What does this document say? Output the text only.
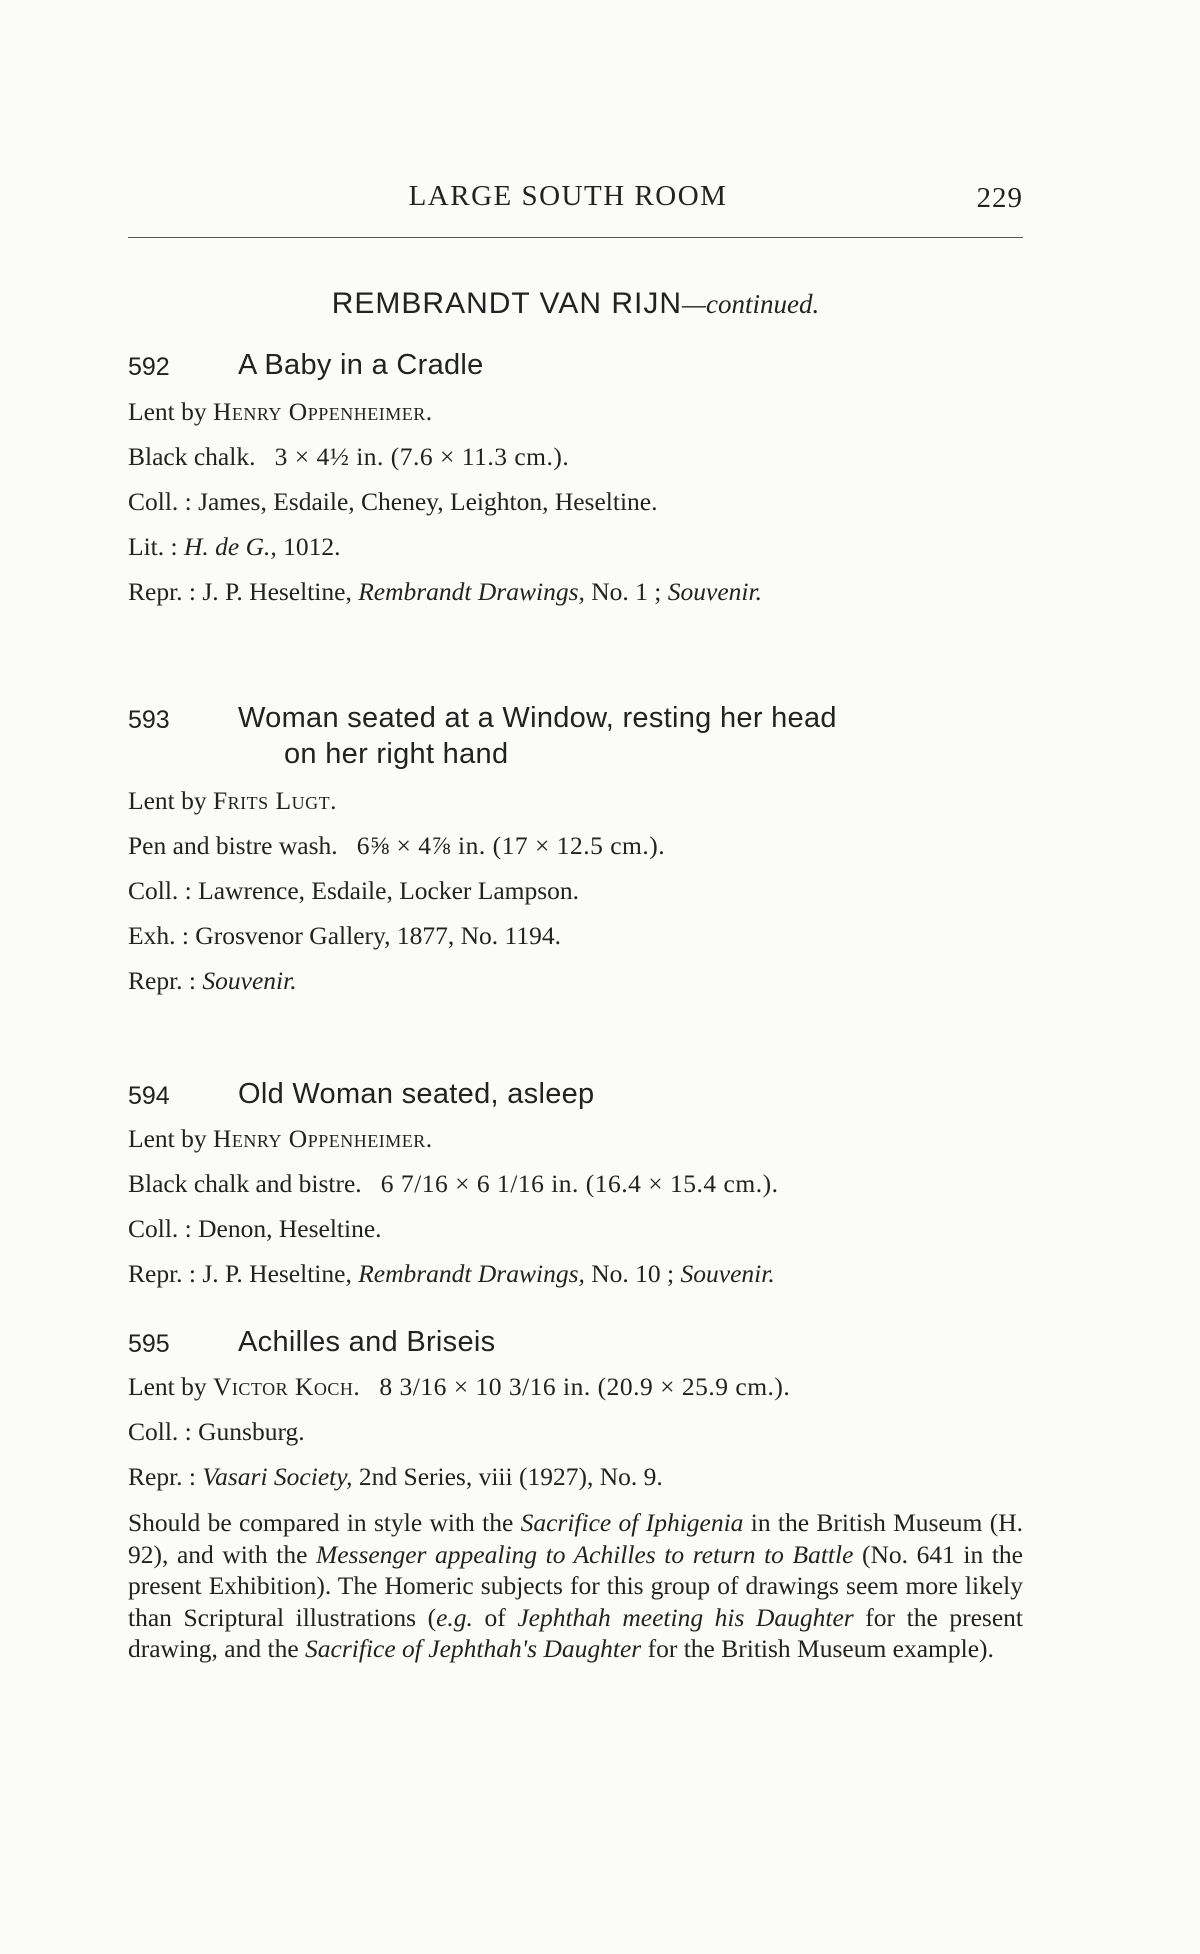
LARGE SOUTH ROOM	229
REMBRANDT VAN RIJN—continued.
592 A Baby in a Cradle
Lent by Henry Oppenheimer.
Black chalk. 3 × 4½ in. (7.6 × 11.3 cm.).
Coll. : James, Esdaile, Cheney, Leighton, Heseltine.
Lit. : H. de G., 1012.
Repr. : J. P. Heseltine, Rembrandt Drawings, No. 1 ; Souvenir.
593 Woman seated at a Window, resting her head
on her right hand
Lent by Frits Lugt.
Pen and bistre wash. 6⅝ × 4⅞ in. (17 × 12.5 cm.).
Coll. : Lawrence, Esdaile, Locker Lampson.
Exh. : Grosvenor Gallery, 1877, No. 1194.
Repr. : Souvenir.
594 Old Woman seated, asleep
Lent by Henry Oppenheimer.
Black chalk and bistre. 6 7/16 × 6 1/16 in. (16.4 × 15.4 cm.).
Coll. : Denon, Heseltine.
Repr. : J. P. Heseltine, Rembrandt Drawings, No. 10 ; Souvenir.
595 Achilles and Briseis
Lent by Victor Koch. 8 3/16 × 10 3/16 in. (20.9 × 25.9 cm.).
Coll. : Gunsburg.
Repr. : Vasari Society, 2nd Series, viii (1927), No. 9.
Should be compared in style with the Sacrifice of Iphigenia in the British Museum (H. 92), and with the Messenger appealing to Achilles to return to Battle (No. 641 in the present Exhibition). The Homeric subjects for this group of drawings seem more likely than Scriptural illustrations (e.g. of Jephthah meeting his Daughter for the present drawing, and the Sacrifice of Jephthah's Daughter for the British Museum example).
